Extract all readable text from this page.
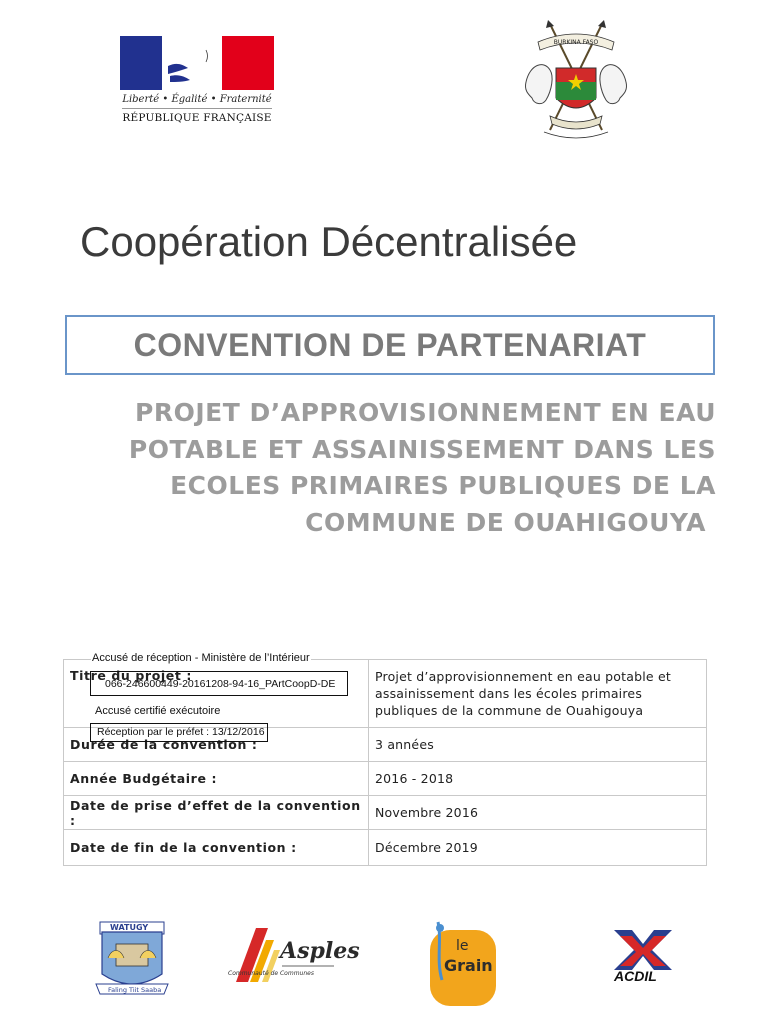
Liberté • Égalité • Fraternité
RÉPUBLIQUE FRANÇAISE
BURKINA FASO
Coopération Décentralisée
CONVENTION DE PARTENARIAT
PROJET D’APPROVISIONNEMENT EN EAU
POTABLE ET ASSAINISSEMENT DANS LES
ECOLES PRIMAIRES PUBLIQUES DE LA
COMMUNE DE OUAHIGOUYA
Titre du projet :	Projet d’approvisionnement en eau potable et assainissement dans les écoles primaires publiques de la commune de Ouahigouya
Durée de la convention :	3 années
Année Budgétaire :	2016 - 2018
Date de prise d’effet de la convention :	Novembre 2016
Date de fin de la convention :	Décembre 2019
Accusé de réception - Ministère de l’Intérieur
066-246600449-20161208-94-16_PArtCoopD-DE
Accusé certifié exécutoire
Réception par le préfet : 13/12/2016
WATUGY
Faling Tiit Saaba
Asples
Communauté de Communes
le
Grain
ACDIL
